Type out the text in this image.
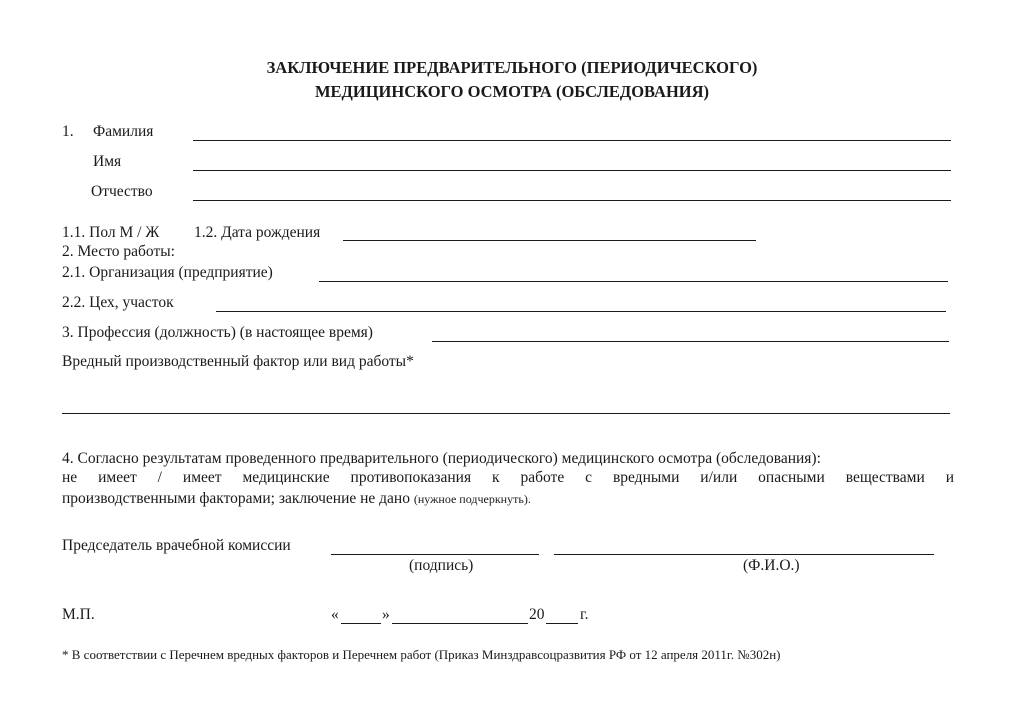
ЗАКЛЮЧЕНИЕ ПРЕДВАРИТЕЛЬНОГО (ПЕРИОДИЧЕСКОГО)
МЕДИЦИНСКОГО ОСМОТРА (ОБСЛЕДОВАНИЯ)
1. Фамилия
Имя
Отчество
1.1. Пол М / Ж 1.2. Дата рождения
2. Место работы:
2.1. Организация (предприятие)
2.2. Цех, участок
3. Профессия (должность) (в настоящее время)
Вредный производственный фактор или вид работы*
4. Согласно результатам проведенного предварительного (периодического) медицинского осмотра (обследования):
не имеет / имеет медицинские противопоказания к работе с вредными и/или опасными веществами и
производственными факторами; заключение не дано (нужное подчеркнуть).
Председатель врачебной комиссии
(подпись)	(Ф.И.О.)
М.П.	«	»	20 г.
* В соответствии с Перечнем вредных факторов и Перечнем работ (Приказ Минздравсоцразвития РФ от 12 апреля 2011г. №302н)
